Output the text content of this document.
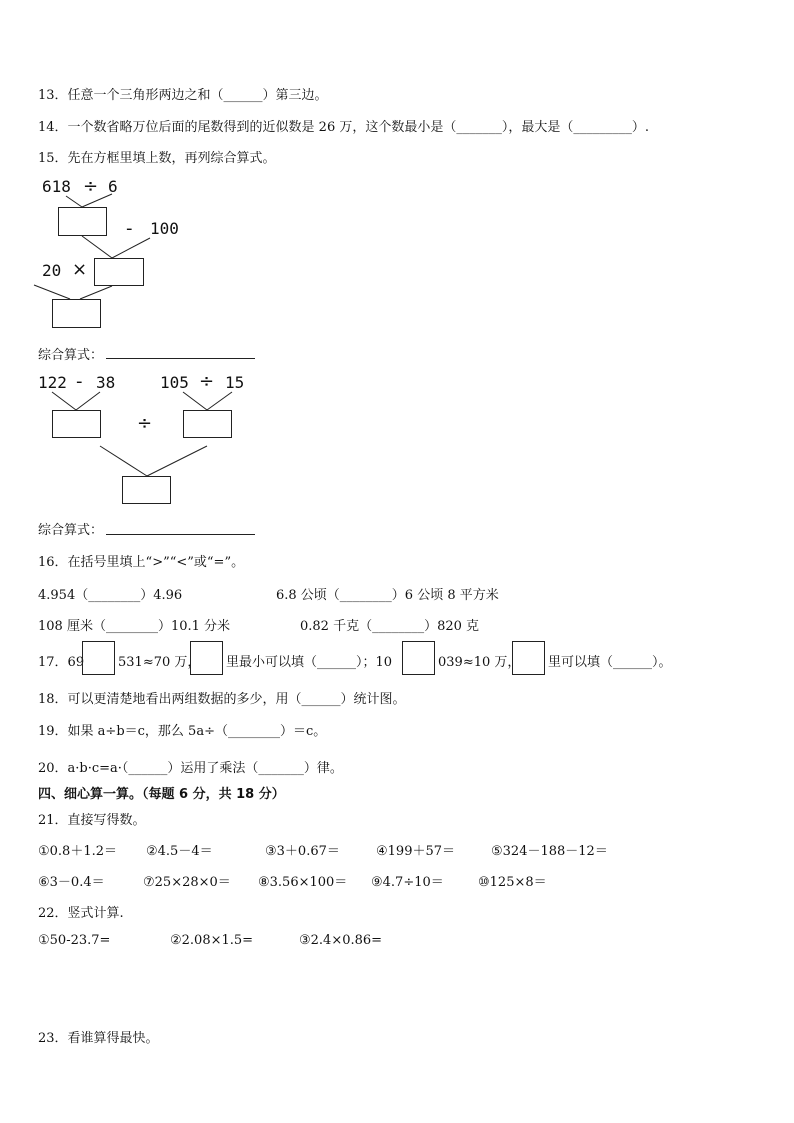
13．任意一个三角形两边之和（______）第三边。
14．一个数省略万位后面的尾数得到的近似数是 26 万，这个数最小是（_______），最大是（_________）.
15．先在方框里填上数，再列综合算式。
618 ÷ 6
- 100
20 ×
综合算式：
122 - 38	105 ÷ 15
÷
综合算式：
16．在括号里填上“>”“<”或“=”。
4.954（________）4.96	6.8 公顷（________）6 公顷 8 平方米
108 厘米（________）10.1 分米	0.82 千克（________）820 克
17．69	531≈70 万， 里最小可以填（______）；10	039≈10 万， 里可以填（______）。
18．可以更清楚地看出两组数据的多少，用（______）统计图。
19．如果 a÷b＝c，那么 5a÷（________）＝c。
20．a·b·c=a·（______）运用了乘法（_______）律。
四、细心算一算。（每题 6 分，共 18 分）
21．直接写得数。
①0.8＋1.2＝ ②4.5－4＝	③3＋0.67＝	④199＋57＝	⑤324－188－12＝
⑥3－0.4＝	⑦25×28×0＝ ⑧3.56×100＝ ⑨4.7÷10＝	⑩125×8＝
22．竖式计算.
①50-23.7=	②2.08×1.5=	③2.4×0.86=
23．看谁算得最快。
